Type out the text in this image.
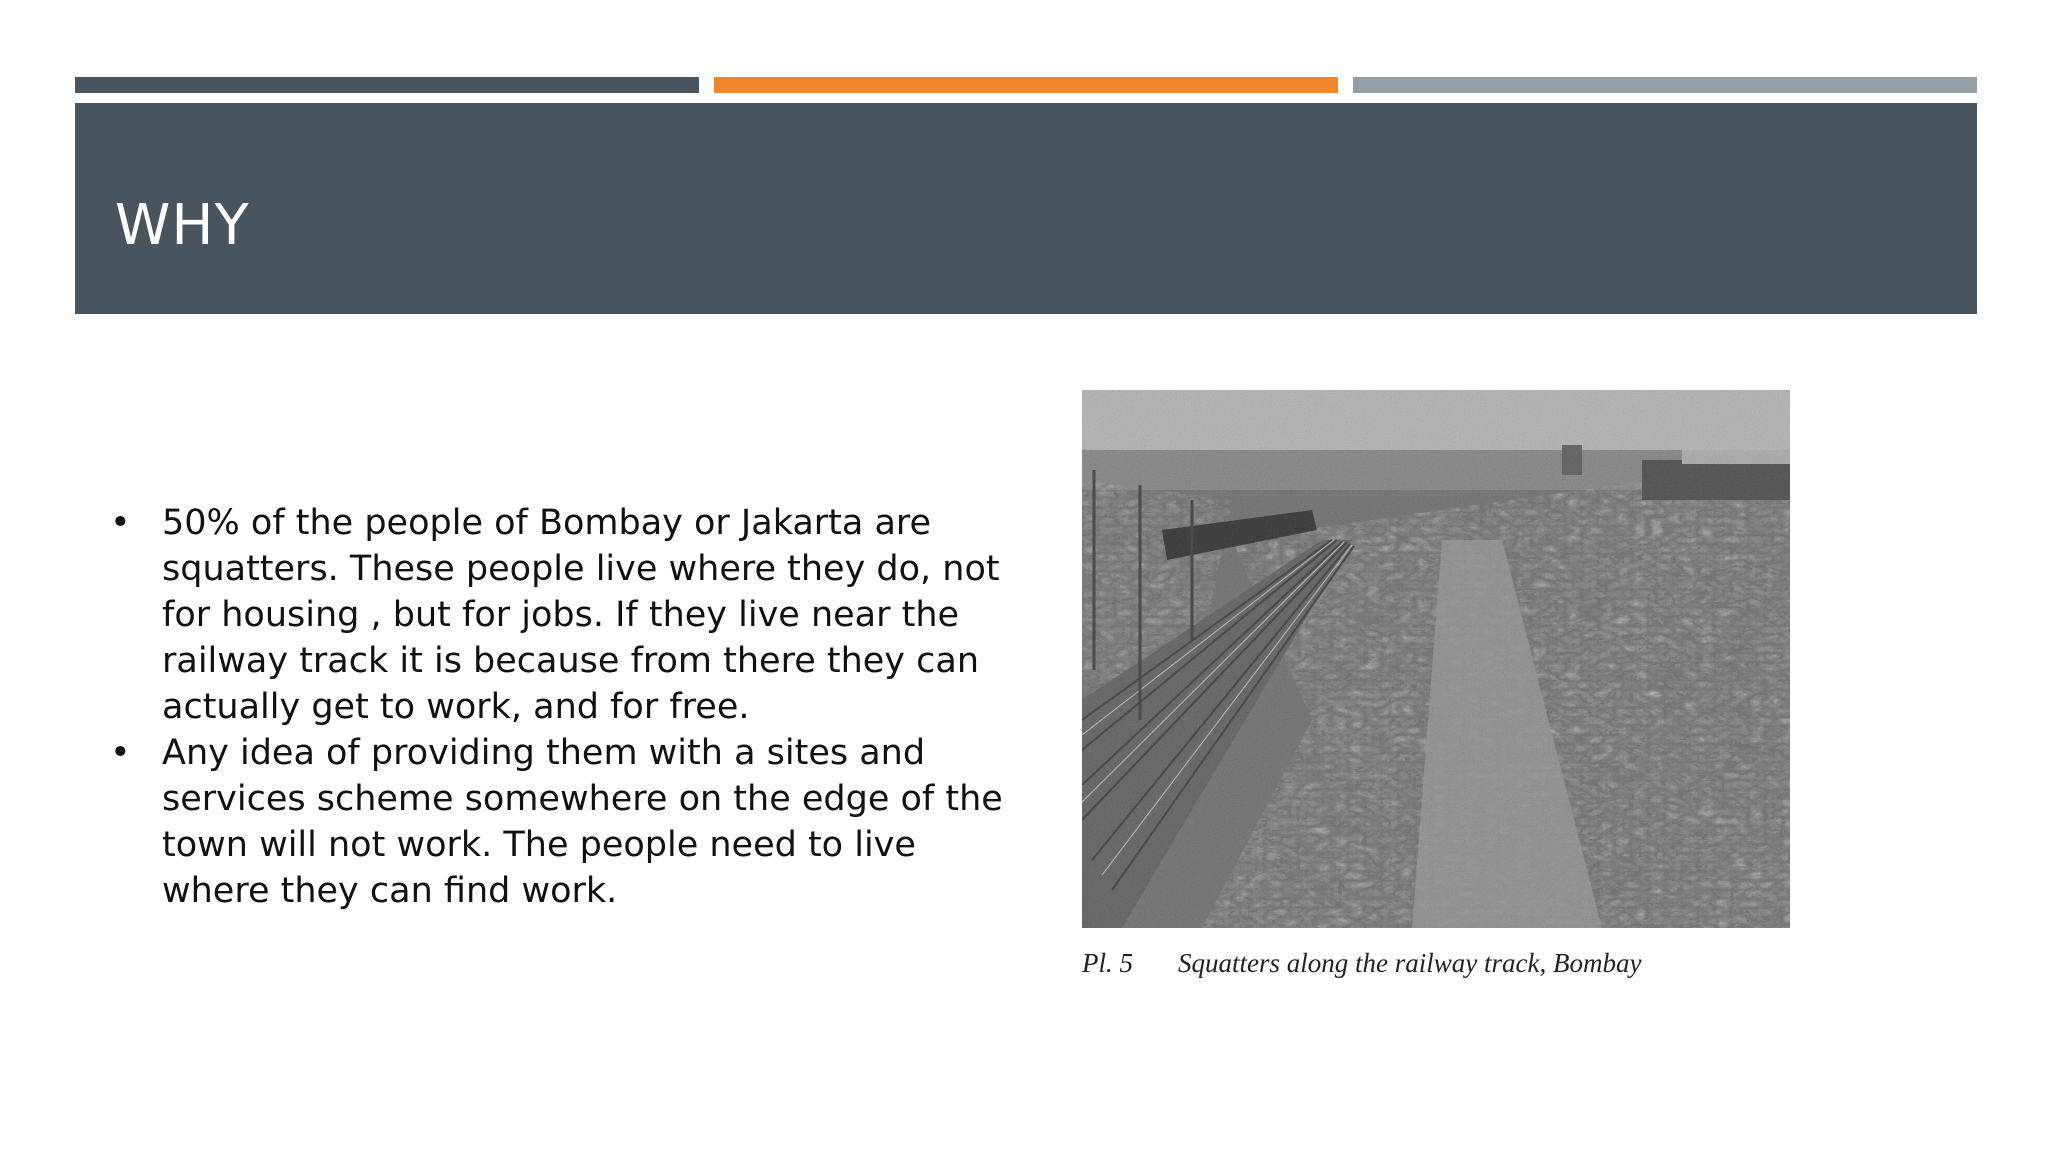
WHY
• 50% of the people of Bombay or Jakarta are squatters. These people live where they do, not for housing , but for jobs. If they live near the railway track it is because from there they can actually get to work, and for free.
• Any idea of providing them with a sites and services scheme somewhere on the edge of the town will not work. The people need to live where they can find work.
Pl. 5 Squatters along the railway track, Bombay
